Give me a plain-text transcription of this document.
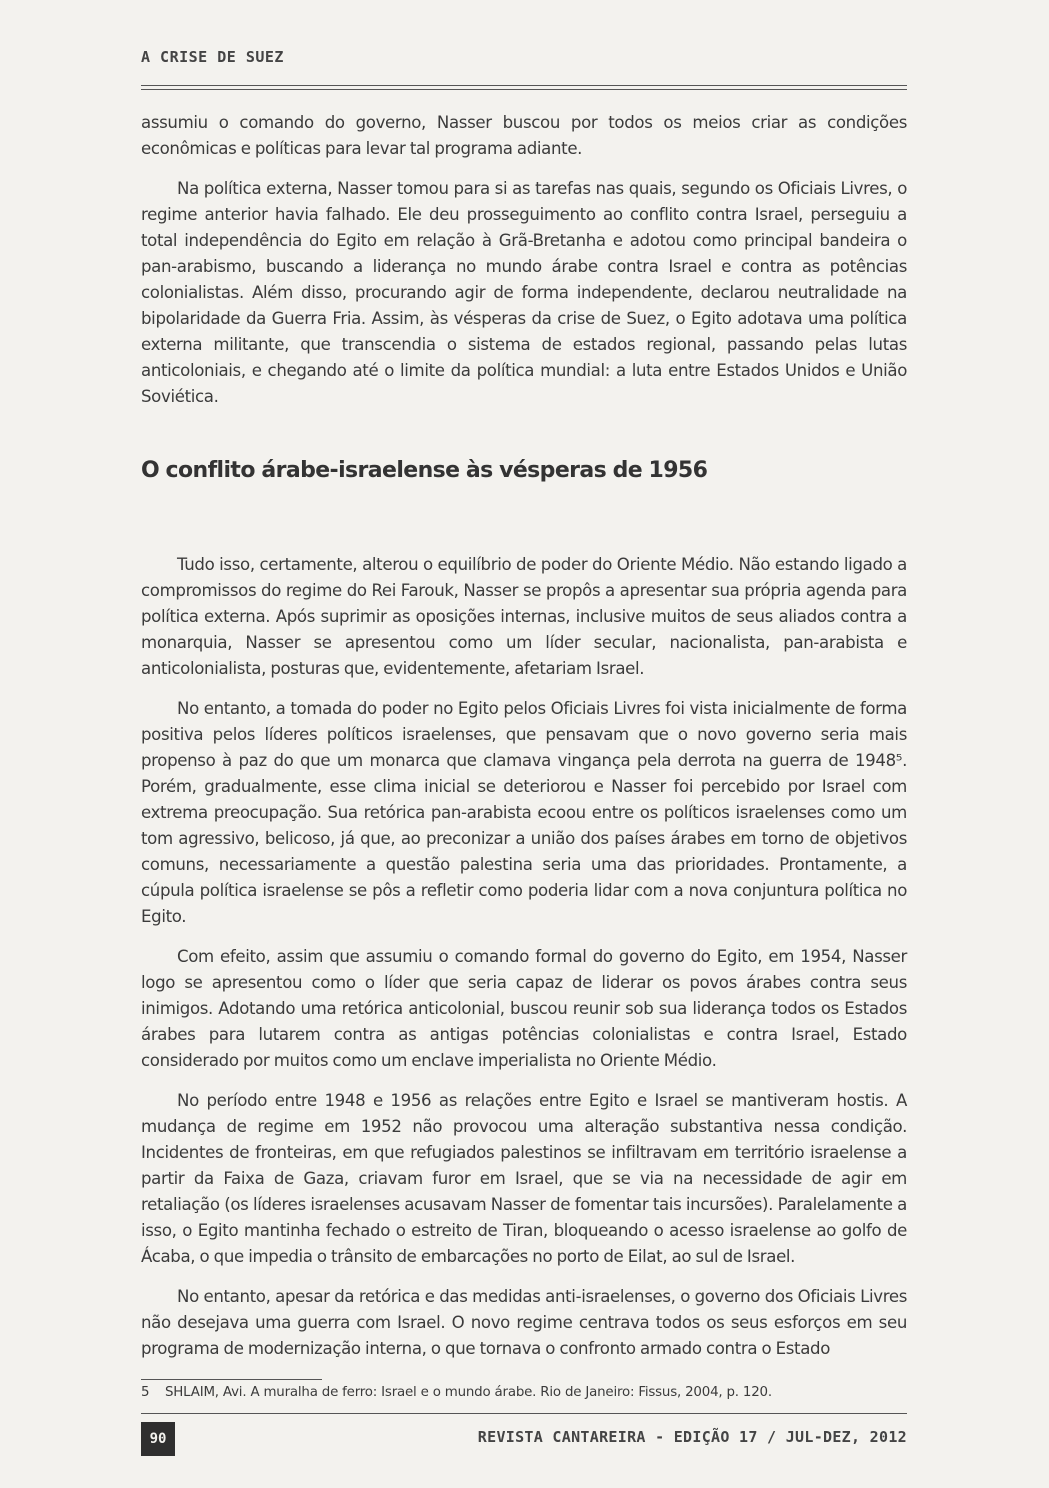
A CRISE DE SUEZ

assumiu o comando do governo, Nasser buscou por todos os meios criar as condições econômicas e políticas para levar tal programa adiante.

Na política externa, Nasser tomou para si as tarefas nas quais, segundo os Oficiais Livres, o regime anterior havia falhado. Ele deu prosseguimento ao conflito contra Israel, perseguiu a total independência do Egito em relação à Grã-Bretanha e adotou como principal bandeira o pan-arabismo, buscando a liderança no mundo árabe contra Israel e contra as potências colonialistas. Além disso, procurando agir de forma independente, declarou neutralidade na bipolaridade da Guerra Fria. Assim, às vésperas da crise de Suez, o Egito adotava uma política externa militante, que transcendia o sistema de estados regional, passando pelas lutas anticoloniais, e chegando até o limite da política mundial: a luta entre Estados Unidos e União Soviética.

O conflito árabe-israelense às vésperas de 1956

Tudo isso, certamente, alterou o equilíbrio de poder do Oriente Médio. Não estando ligado a compromissos do regime do Rei Farouk, Nasser se propôs a apresentar sua própria agenda para política externa. Após suprimir as oposições internas, inclusive muitos de seus aliados contra a monarquia, Nasser se apresentou como um líder secular, nacionalista, pan-arabista e anticolonialista, posturas que, evidentemente, afetariam Israel.

No entanto, a tomada do poder no Egito pelos Oficiais Livres foi vista inicialmente de forma positiva pelos líderes políticos israelenses, que pensavam que o novo governo seria mais propenso à paz do que um monarca que clamava vingança pela derrota na guerra de 1948⁵. Porém, gradualmente, esse clima inicial se deteriorou e Nasser foi percebido por Israel com extrema preocupação. Sua retórica pan-arabista ecoou entre os políticos israelenses como um tom agressivo, belicoso, já que, ao preconizar a união dos países árabes em torno de objetivos comuns, necessariamente a questão palestina seria uma das prioridades. Prontamente, a cúpula política israelense se pôs a refletir como poderia lidar com a nova conjuntura política no Egito.

Com efeito, assim que assumiu o comando formal do governo do Egito, em 1954, Nasser logo se apresentou como o líder que seria capaz de liderar os povos árabes contra seus inimigos. Adotando uma retórica anticolonial, buscou reunir sob sua liderança todos os Estados árabes para lutarem contra as antigas potências colonialistas e contra Israel, Estado considerado por muitos como um enclave imperialista no Oriente Médio.

No período entre 1948 e 1956 as relações entre Egito e Israel se mantiveram hostis. A mudança de regime em 1952 não provocou uma alteração substantiva nessa condição. Incidentes de fronteiras, em que refugiados palestinos se infiltravam em território israelense a partir da Faixa de Gaza, criavam furor em Israel, que se via na necessidade de agir em retaliação (os líderes israelenses acusavam Nasser de fomentar tais incursões). Paralelamente a isso, o Egito mantinha fechado o estreito de Tiran, bloqueando o acesso israelense ao golfo de Ácaba, o que impedia o trânsito de embarcações no porto de Eilat, ao sul de Israel.

No entanto, apesar da retórica e das medidas anti-israelenses, o governo dos Oficiais Livres não desejava uma guerra com Israel. O novo regime centrava todos os seus esforços em seu programa de modernização interna, o que tornava o confronto armado contra o Estado

5 SHLAIM, Avi. A muralha de ferro: Israel e o mundo árabe. Rio de Janeiro: Fissus, 2004, p. 120.
90	REVISTA CANTAREIRA - EDIÇÃO 17 / JUL-DEZ, 2012
